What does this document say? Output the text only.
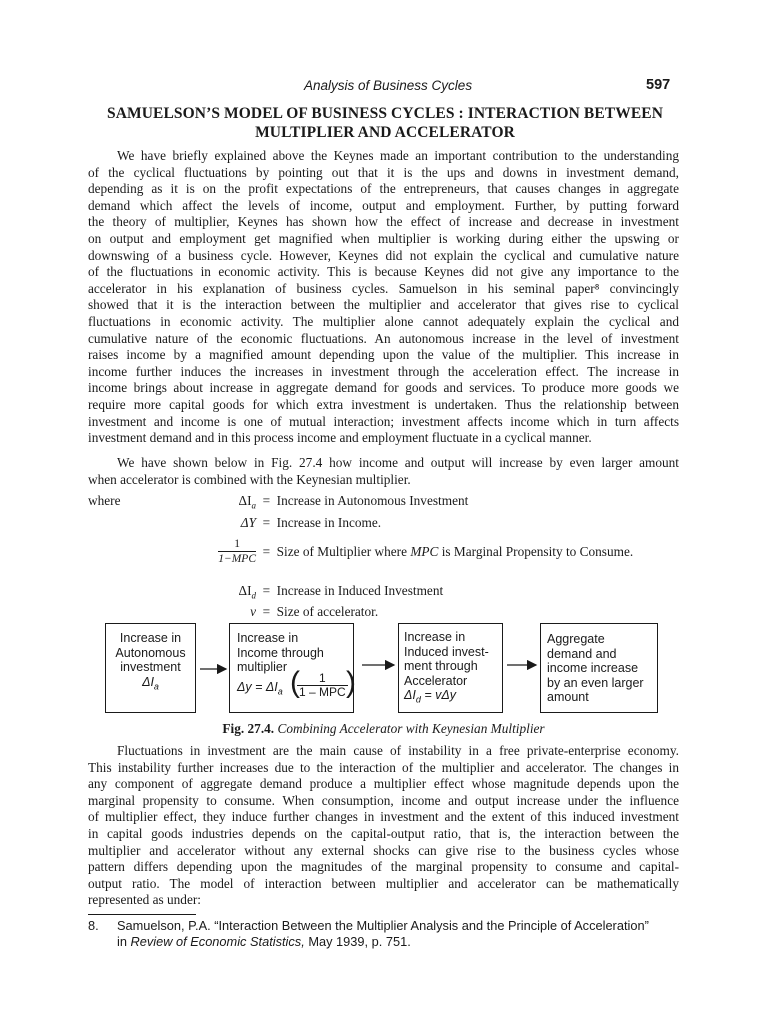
Analysis of Business Cycles	597
SAMUELSON’S MODEL OF BUSINESS CYCLES : INTERACTION BETWEEN
MULTIPLIER AND ACCELERATOR
We have briefly explained above the Keynes made an important contribution to the understanding
of the cyclical fluctuations by pointing out that it is the ups and downs in investment demand,
depending as it is on the profit expectations of the entrepreneurs, that causes changes in aggregate
demand which affect the levels of income, output and employment. Further, by putting forward
the theory of multiplier, Keynes has shown how the effect of increase and decrease in investment
on output and employment get magnified when multiplier is working during either the upswing or
downswing of a business cycle. However, Keynes did not explain the cyclical and cumulative nature
of the fluctuations in economic activity. This is because Keynes did not give any importance to the
accelerator in his explanation of business cycles. Samuelson in his seminal paper⁸ convincingly
showed that it is the interaction between the multiplier and accelerator that gives rise to cyclical
fluctuations in economic activity. The multiplier alone cannot adequately explain the cyclical and
cumulative nature of the economic fluctuations. An autonomous increase in the level of investment
raises income by a magnified amount depending upon the value of the multiplier. This increase in
income further induces the increases in investment through the acceleration effect. The increase in
income brings about increase in aggregate demand for goods and services. To produce more goods we
require more capital goods for which extra investment is undertaken. Thus the relationship between
investment and income is one of mutual interaction; investment affects income which in turn affects
investment demand and in this process income and employment fluctuate in a cyclical manner.
We have shown below in Fig. 27.4 how income and output will increase by even larger amount
when accelerator is combined with the Keynesian multiplier.
where	$\Delta I_a$ = Increase in Autonomous Investment
ΔY = Increase in Income.
$\frac{1}{\text{1−MPC}}$ = Size of Multiplier where MPC is Marginal Propensity to Consume.
$\Delta I_d$ = Increase in Induced Investment
v = Size of accelerator.
Increase in
Autonomous
investment
$\Delta I_a$
Increase in
Income through
multiplier
$\Delta y = \Delta I_a$ (	1
1 – MPC )
Increase in
Induced invest-
ment through
Accelerator
$\Delta I_d = v\Delta y$
Aggregate
demand and
income increase
by an even larger
amount
Fig. 27.4. Combining Accelerator with Keynesian Multiplier
Fluctuations in investment are the main cause of instability in a free private-enterprise economy.
This instability further increases due to the interaction of the multiplier and accelerator. The changes in
any component of aggregate demand produce a multiplier effect whose magnitude depends upon the
marginal propensity to consume. When consumption, income and output increase under the influence
of multiplier effect, they induce further changes in investment and the extent of this induced investment
in capital goods industries depends on the capital-output ratio, that is, the interaction between the
multiplier and accelerator without any external shocks can give rise to the business cycles whose
pattern differs depending upon the magnitudes of the marginal propensity to consume and capital-
output ratio. The model of interaction between multiplier and accelerator can be mathematically
represented as under:
8. Samuelson, P.A. “Interaction Between the Multiplier Analysis and the Principle of Acceleration”
in Review of Economic Statistics, May 1939, p. 751.
